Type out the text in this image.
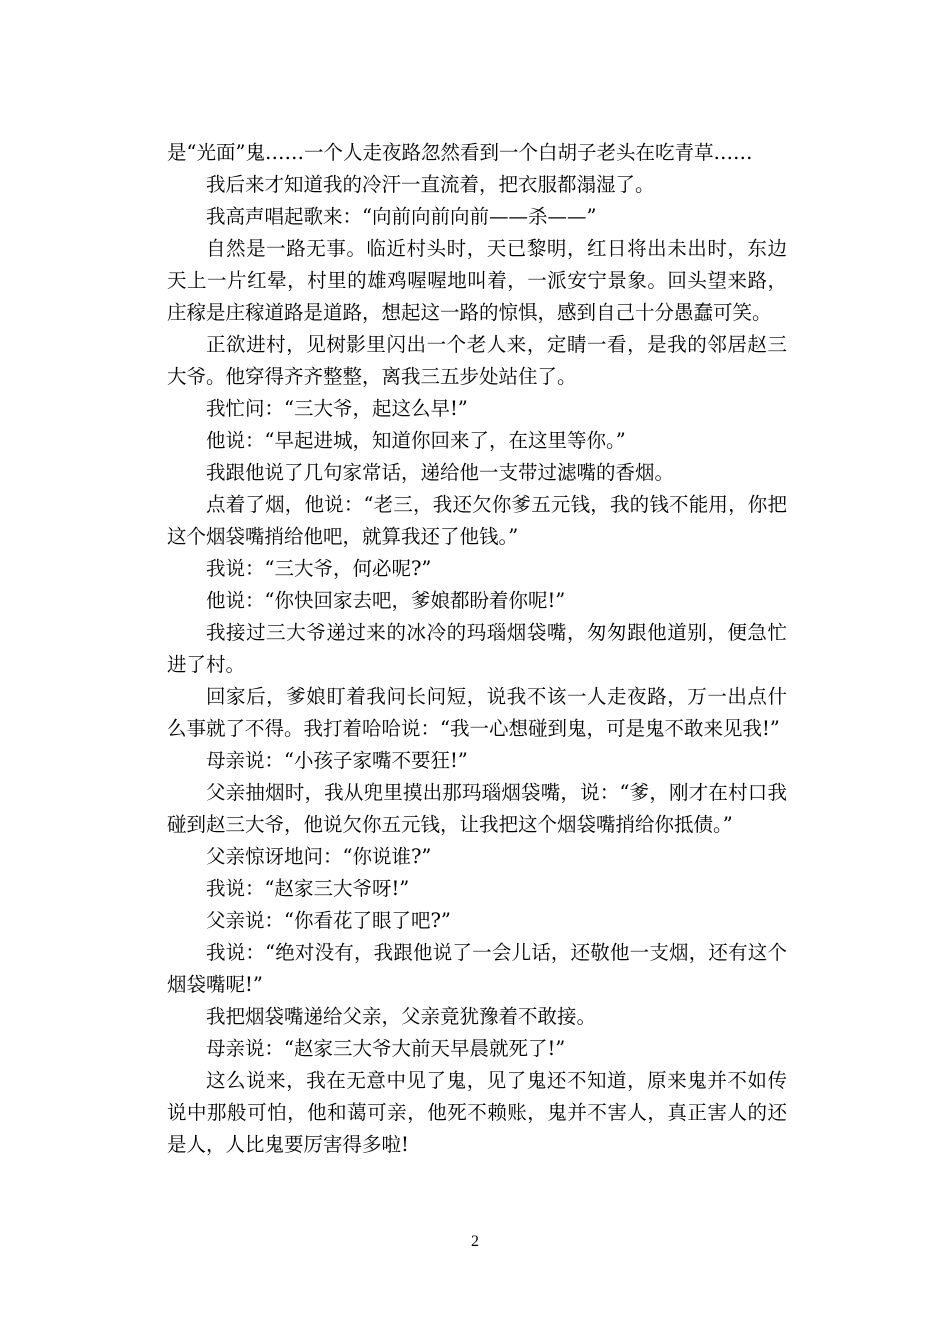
是“光面”鬼……一个人走夜路忽然看到一个白胡子老头在吃青草……

我后来才知道我的冷汗一直流着，把衣服都溻湿了。

我高声唱起歌来：“向前向前向前——杀——”

自然是一路无事。临近村头时，天已黎明，红日将出未出时，东边天上一片红晕，村里的雄鸡喔喔地叫着，一派安宁景象。回头望来路，庄稼是庄稼道路是道路，想起这一路的惊惧，感到自己十分愚蠢可笑。

正欲进村，见树影里闪出一个老人来，定睛一看，是我的邻居赵三大爷。他穿得齐齐整整，离我三五步处站住了。

我忙问：“三大爷，起这么早!”

他说：“早起进城，知道你回来了，在这里等你。”

我跟他说了几句家常话，递给他一支带过滤嘴的香烟。

点着了烟，他说：“老三，我还欠你爹五元钱，我的钱不能用，你把这个烟袋嘴捎给他吧，就算我还了他钱。”

我说：“三大爷，何必呢?”

他说：“你快回家去吧，爹娘都盼着你呢!”

我接过三大爷递过来的冰冷的玛瑙烟袋嘴，匆匆跟他道别，便急忙进了村。

回家后，爹娘盯着我问长问短，说我不该一人走夜路，万一出点什么事就了不得。我打着哈哈说：“我一心想碰到鬼，可是鬼不敢来见我!”

母亲说：“小孩子家嘴不要狂!”

父亲抽烟时，我从兜里摸出那玛瑙烟袋嘴，说：“爹，刚才在村口我碰到赵三大爷，他说欠你五元钱，让我把这个烟袋嘴捎给你抵债。”

父亲惊讶地问：“你说谁?”

我说：“赵家三大爷呀!”

父亲说：“你看花了眼了吧?”

我说：“绝对没有，我跟他说了一会儿话，还敬他一支烟，还有这个烟袋嘴呢!”

我把烟袋嘴递给父亲，父亲竟犹豫着不敢接。

母亲说：“赵家三大爷大前天早晨就死了!”

这么说来，我在无意中见了鬼，见了鬼还不知道，原来鬼并不如传说中那般可怕，他和蔼可亲，他死不赖账，鬼并不害人，真正害人的还是人，人比鬼要厉害得多啦!

2
